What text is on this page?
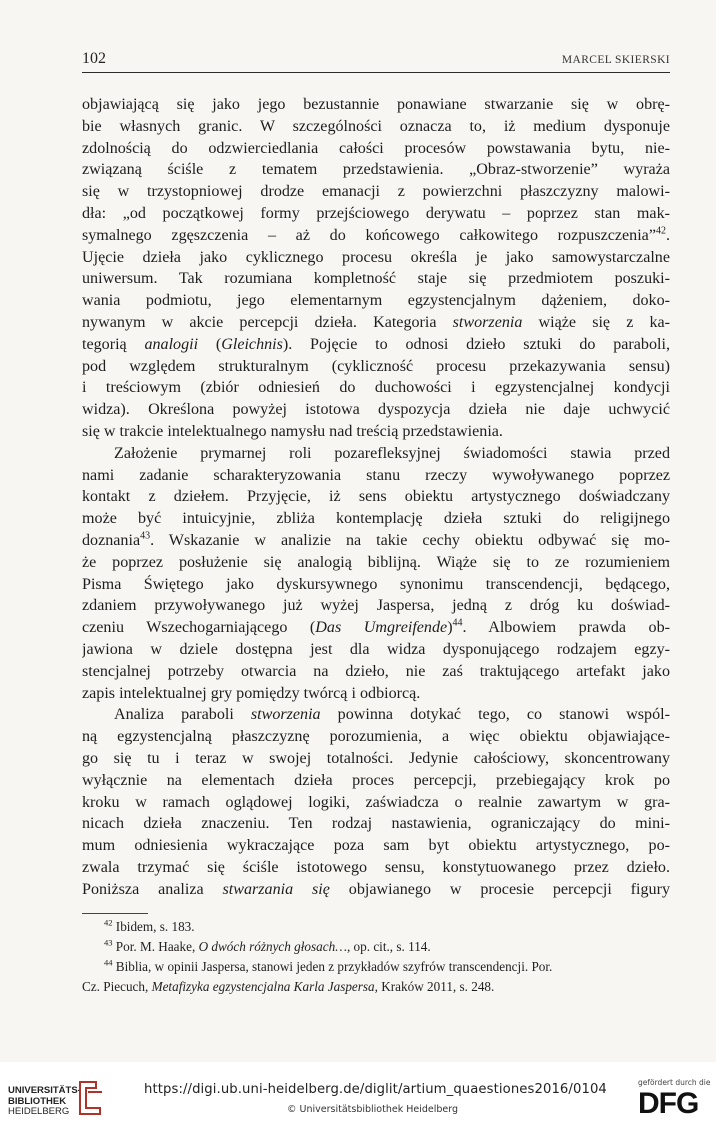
102	MARCEL SKIERSKI
objawiającą się jako jego bezustannie ponawiane stwarzanie się w obrę-
bie własnych granic. W szczególności oznacza to, iż medium dysponuje
zdolnością do odzwierciedlania całości procesów powstawania bytu, nie-
związaną ściśle z tematem przedstawienia. „Obraz-stworzenie” wyraża
się w trzystopniowej drodze emanacji z powierzchni płaszczyzny malowi-
dła: „od początkowej formy przejściowego derywatu – poprzez stan mak-
symalnego zgęszczenia – aż do końcowego całkowitego rozpuszczenia”$^{42}$.
Ujęcie dzieła jako cyklicznego procesu określa je jako samowystarczalne
uniwersum. Tak rozumiana kompletność staje się przedmiotem poszuki-
wania podmiotu, jego elementarnym egzystencjalnym dążeniem, doko-
nywanym w akcie percepcji dzieła. Kategoria stworzenia wiąże się z ka-
tegorią analogii (Gleichnis). Pojęcie to odnosi dzieło sztuki do paraboli,
pod względem strukturalnym (cykliczność procesu przekazywania sensu)
i treściowym (zbiór odniesień do duchowości i egzystencjalnej kondycji
widza). Określona powyżej istotowa dyspozycja dzieła nie daje uchwycić
się w trakcie intelektualnego namysłu nad treścią przedstawienia.
Założenie prymarnej roli pozarefleksyjnej świadomości stawia przed
nami zadanie scharakteryzowania stanu rzeczy wywoływanego poprzez
kontakt z dziełem. Przyjęcie, iż sens obiektu artystycznego doświadczany
może być intuicyjnie, zbliża kontemplację dzieła sztuki do religijnego
doznania$^{43}$. Wskazanie w analizie na takie cechy obiektu odbywać się mo-
że poprzez posłużenie się analogią biblijną. Wiąże się to ze rozumieniem
Pisma Świętego jako dyskursywnego synonimu transcendencji, będącego,
zdaniem przywoływanego już wyżej Jaspersa, jedną z dróg ku doświad-
czeniu Wszechogarniającego (Das Umgreifende)$^{44}$. Albowiem prawda ob-
jawiona w dziele dostępna jest dla widza dysponującego rodzajem egzy-
stencjalnej potrzeby otwarcia na dzieło, nie zaś traktującego artefakt jako
zapis intelektualnej gry pomiędzy twórcą i odbiorcą.
Analiza paraboli stworzenia powinna dotykać tego, co stanowi wspól-
ną egzystencjalną płaszczyznę porozumienia, a więc obiektu objawiające-
go się tu i teraz w swojej totalności. Jedynie całościowy, skoncentrowany
wyłącznie na elementach dzieła proces percepcji, przebiegający krok po
kroku w ramach oglądowej logiki, zaświadcza o realnie zawartym w gra-
nicach dzieła znaczeniu. Ten rodzaj nastawienia, ograniczający do mini-
mum odniesienia wykraczające poza sam byt obiektu artystycznego, po-
zwala trzymać się ściśle istotowego sensu, konstytuowanego przez dzieło.
Poniższa analiza stwarzania się objawianego w procesie percepcji figury
$^{42}$ Ibidem, s. 183.
$^{43}$ Por. M. Haake, O dwóch różnych głosach…, op. cit., s. 114.
$^{44}$ Biblia, w opinii Jaspersa, stanowi jeden z przykładów szyfrów transcendencji. Por.
Cz. Piecuch, Metafizyka egzystencjalna Karla Jaspersa, Kraków 2011, s. 248.
UNIVERSITÄTS-
BIBLIOTHEK
HEIDELBERG
https://digi.ub.uni-heidelberg.de/diglit/artium_quaestiones2016/0104
© Universitätsbibliothek Heidelberg
gefördert durch die
DFG
